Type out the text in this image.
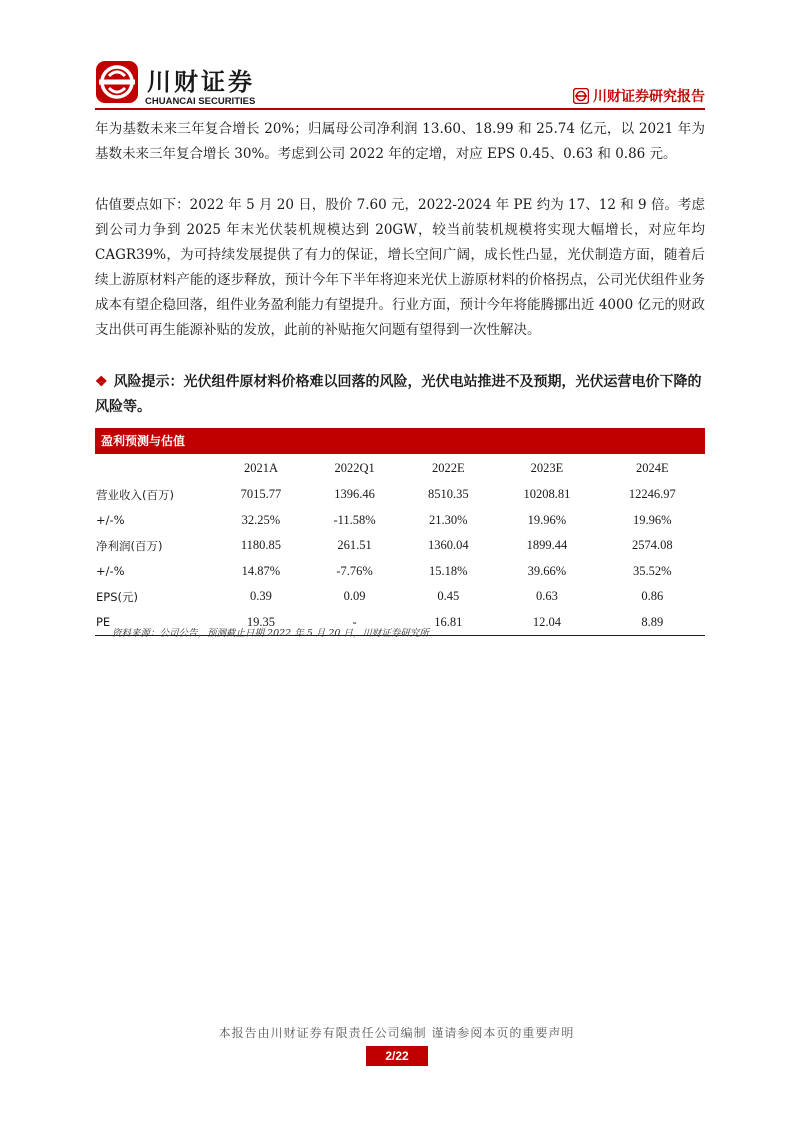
川财证券
CHUANCAI SECURITIES	川财证券研究报告

年为基数未来三年复合增长 20%；归属母公司净利润 13.60、18.99 和 25.74 亿元，以 2021 年为基数未来三年复合增长 30%。考虑到公司 2022 年的定增，对应 EPS 0.45、0.63 和 0.86 元。

估值要点如下：2022 年 5 月 20 日，股价 7.60 元，2022-2024 年 PE 约为 17、12 和 9 倍。考虑到公司力争到 2025 年末光伏装机规模达到 20GW，较当前装机规模将实现大幅增长，对应年均 CAGR39%，为可持续发展提供了有力的保证，增长空间广阔，成长性凸显，光伏制造方面，随着后续上游原材料产能的逐步释放，预计今年下半年将迎来光伏上游原材料的价格拐点，公司光伏组件业务成本有望企稳回落，组件业务盈利能力有望提升。行业方面，预计今年将能腾挪出近 4000 亿元的财政支出供可再生能源补贴的发放，此前的补贴拖欠问题有望得到一次性解决。

❖ 风险提示：光伏组件原材料价格难以回落的风险，光伏电站推进不及预期，光伏运营电价下降的风险等。

盈利预测与估值
	2021A	2022Q1	2022E	2023E	2024E
营业收入(百万)	7015.77	1396.46	8510.35	10208.81	12246.97
+/-%	32.25%	-11.58%	21.30%	19.96%	19.96%
净利润(百万)	1180.85	261.51	1360.04	1899.44	2574.08
+/-%	14.87%	-7.76%	15.18%	39.66%	35.52%
EPS(元)	0.39	0.09	0.45	0.63	0.86
PE	19.35	-	16.81	12.04	8.89
资料来源：公司公告，预测截止日期 2022 年 5 月 20 日，川财证券研究所
本报告由川财证券有限责任公司编制 谨请参阅本页的重要声明
2/22
